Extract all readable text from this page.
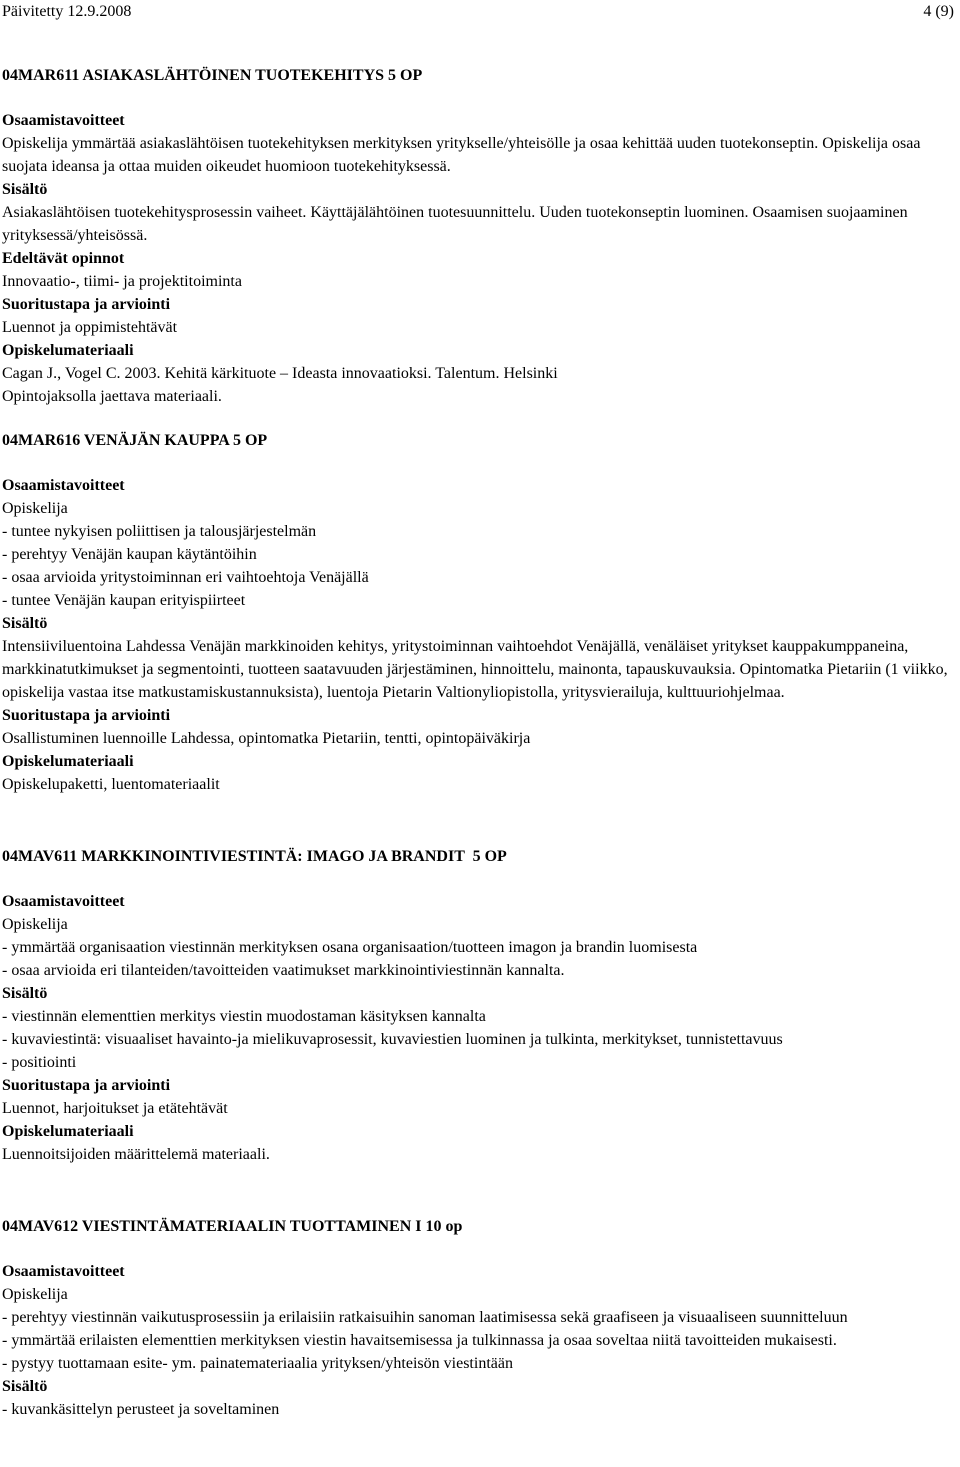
Päivitetty 12.9.2008	4 (9)
04MAR611 ASIAKASLÄHTÖINEN TUOTEKEHITYS 5 OP
Osaamistavoitteet
Opiskelija ymmärtää asiakaslähtöisen tuotekehityksen merkityksen yritykselle/yhteisölle ja osaa kehittää uuden tuotekonseptin. Opiskelija osaa suojata ideansa ja ottaa muiden oikeudet huomioon tuotekehityksessä.
Sisältö
Asiakaslähtöisen tuotekehitysprosessin vaiheet. Käyttäjälähtöinen tuotesuunnittelu. Uuden tuotekonseptin luominen. Osaamisen suojaaminen yrityksessä/yhteisössä.
Edeltävät opinnot
Innovaatio-, tiimi- ja projektitoiminta
Suoritustapa ja arviointi
Luennot ja oppimistehtävät
Opiskelumateriaali
Cagan J., Vogel C. 2003. Kehitä kärkituote – Ideasta innovaatioksi. Talentum. Helsinki
Opintojaksolla jaettava materiaali.
04MAR616 VENÄJÄN KAUPPA 5 OP
Osaamistavoitteet
Opiskelija
- tuntee nykyisen poliittisen ja talousjärjestelmän
- perehtyy Venäjän kaupan käytäntöihin
- osaa arvioida yritystoiminnan eri vaihtoehtoja Venäjällä
- tuntee Venäjän kaupan erityispiirteet
Sisältö
Intensiiviluentoina Lahdessa Venäjän markkinoiden kehitys, yritystoiminnan vaihtoehdot Venäjällä, venäläiset yritykset kauppakumppaneina, markkinatutkimukset ja segmentointi, tuotteen saatavuuden järjestäminen, hinnoittelu, mainonta, tapauskuvauksia. Opintomatka Pietariin (1 viikko, opiskelija vastaa itse matkustamiskustannuksista), luentoja Pietarin Valtionyliopistolla, yritysvierailuja, kulttuuriohjelmaa.
Suoritustapa ja arviointi
Osallistuminen luennoille Lahdessa, opintomatka Pietariin, tentti, opintopäiväkirja
Opiskelumateriaali
Opiskelupaketti, luentomateriaalit
04MAV611 MARKKINOINTIVIESTINTÄ: IMAGO JA BRANDIT  5 OP
Osaamistavoitteet
Opiskelija
- ymmärtää organisaation viestinnän merkityksen osana organisaation/tuotteen imagon ja brandin luomisesta
- osaa arvioida eri tilanteiden/tavoitteiden vaatimukset markkinointiviestinnän kannalta.
Sisältö
- viestinnän elementtien merkitys viestin muodostaman käsityksen kannalta
- kuvaviestintä: visuaaliset havainto-ja mielikuvaprosessit, kuvaviestien luominen ja tulkinta, merkitykset, tunnistettavuus
- positiointi
Suoritustapa ja arviointi
Luennot, harjoitukset ja etätehtävät
Opiskelumateriaali
Luennoitsijoiden määrittelemä materiaali.
04MAV612 VIESTINTÄMATERIAALIN TUOTTAMINEN I 10 op
Osaamistavoitteet
Opiskelija
- perehtyy viestinnän vaikutusprosessiin ja erilaisiin ratkaisuihin sanoman laatimisessa sekä graafiseen ja visuaaliseen suunnitteluun
- ymmärtää erilaisten elementtien merkityksen viestin havaitsemisessa ja tulkinnassa ja osaa soveltaa niitä tavoitteiden mukaisesti.
- pystyy tuottamaan esite- ym. painatemateriaalia yrityksen/yhteisön viestintään
Sisältö
- kuvankäsittelyn perusteet ja soveltaminen
